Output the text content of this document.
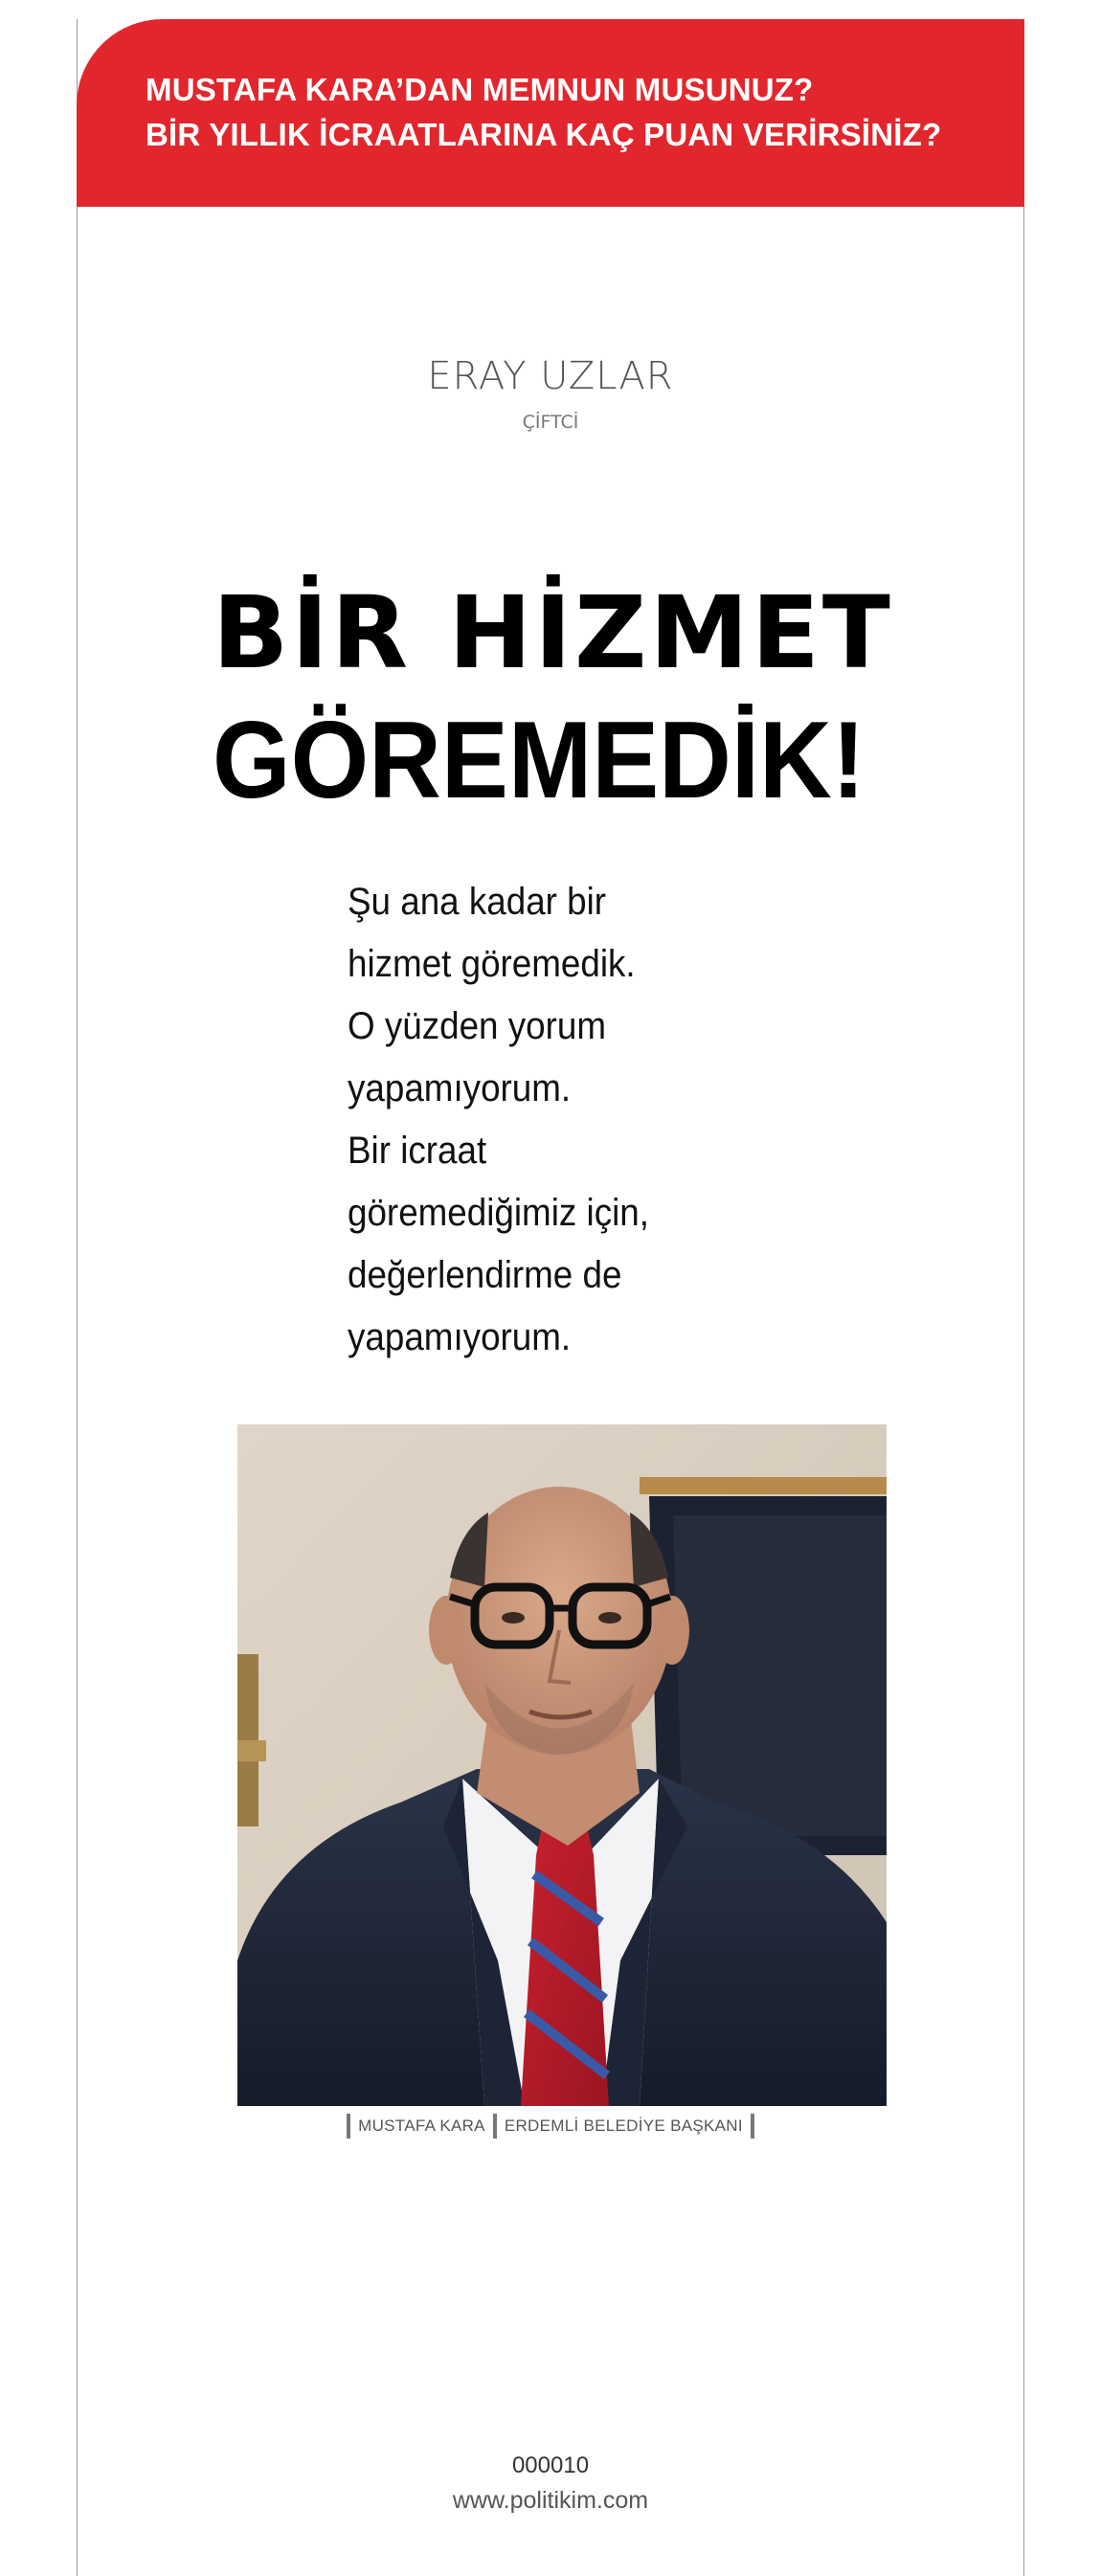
MUSTAFA KARA’DAN MEMNUN MUSUNUZ?
BİR YILLIK İCRAATLARINA KAÇ PUAN VERİRSİNİZ?
ERAY UZLAR
ÇİFTCİ
BİR HİZMET
GÖREMEDİK!
Şu ana kadar bir
hizmet göremedik.
O yüzden yorum
yapamıyorum.
Bir icraat
göremediğimiz için,
değerlendirme de
yapamıyorum.
MUSTAFA KARA ERDEMLİ BELEDİYE BAŞKANI
000010
www.politikim.com
